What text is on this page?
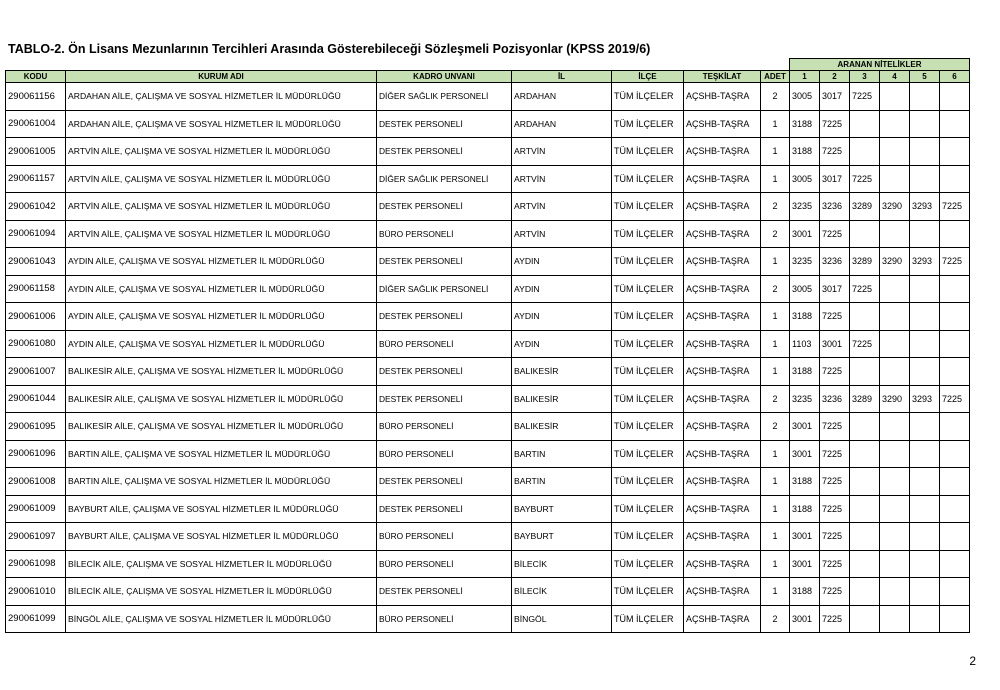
TABLO-2. Ön Lisans Mezunlarının Tercihleri Arasında Gösterebileceği Sözleşmeli Pozisyonlar (KPSS 2019/6)
							ARANAN NİTELİKLER					
KODU	KURUM ADI	KADRO UNVANI	İL	İLÇE	TEŞKİLAT	ADET	1	2	3	4	5	6
290061156	ARDAHAN AİLE, ÇALIŞMA VE SOSYAL HİZMETLER İL MÜDÜRLÜĞÜ	DİĞER SAĞLIK PERSONELİ	ARDAHAN	TÜM İLÇELER	AÇSHB-TAŞRA	2	3005	3017	7225			
290061004	ARDAHAN AİLE, ÇALIŞMA VE SOSYAL HİZMETLER İL MÜDÜRLÜĞÜ	DESTEK PERSONELİ	ARDAHAN	TÜM İLÇELER	AÇSHB-TAŞRA	1	3188	7225				
290061005	ARTVİN AİLE, ÇALIŞMA VE SOSYAL HİZMETLER İL MÜDÜRLÜĞÜ	DESTEK PERSONELİ	ARTVİN	TÜM İLÇELER	AÇSHB-TAŞRA	1	3188	7225				
290061157	ARTVİN AİLE, ÇALIŞMA VE SOSYAL HİZMETLER İL MÜDÜRLÜĞÜ	DİĞER SAĞLIK PERSONELİ	ARTVİN	TÜM İLÇELER	AÇSHB-TAŞRA	1	3005	3017	7225			
290061042	ARTVİN AİLE, ÇALIŞMA VE SOSYAL HİZMETLER İL MÜDÜRLÜĞÜ	DESTEK PERSONELİ	ARTVİN	TÜM İLÇELER	AÇSHB-TAŞRA	2	3235	3236	3289	3290	3293	7225
290061094	ARTVİN AİLE, ÇALIŞMA VE SOSYAL HİZMETLER İL MÜDÜRLÜĞÜ	BÜRO PERSONELİ	ARTVİN	TÜM İLÇELER	AÇSHB-TAŞRA	2	3001	7225				
290061043	AYDIN AİLE, ÇALIŞMA VE SOSYAL HİZMETLER İL MÜDÜRLÜĞÜ	DESTEK PERSONELİ	AYDIN	TÜM İLÇELER	AÇSHB-TAŞRA	1	3235	3236	3289	3290	3293	7225
290061158	AYDIN AİLE, ÇALIŞMA VE SOSYAL HİZMETLER İL MÜDÜRLÜĞÜ	DİĞER SAĞLIK PERSONELİ	AYDIN	TÜM İLÇELER	AÇSHB-TAŞRA	2	3005	3017	7225			
290061006	AYDIN AİLE, ÇALIŞMA VE SOSYAL HİZMETLER İL MÜDÜRLÜĞÜ	DESTEK PERSONELİ	AYDIN	TÜM İLÇELER	AÇSHB-TAŞRA	1	3188	7225				
290061080	AYDIN AİLE, ÇALIŞMA VE SOSYAL HİZMETLER İL MÜDÜRLÜĞÜ	BÜRO PERSONELİ	AYDIN	TÜM İLÇELER	AÇSHB-TAŞRA	1	1103	3001	7225			
290061007	BALIKESİR AİLE, ÇALIŞMA VE SOSYAL HİZMETLER İL MÜDÜRLÜĞÜ	DESTEK PERSONELİ	BALIKESİR	TÜM İLÇELER	AÇSHB-TAŞRA	1	3188	7225				
290061044	BALIKESİR AİLE, ÇALIŞMA VE SOSYAL HİZMETLER İL MÜDÜRLÜĞÜ	DESTEK PERSONELİ	BALIKESİR	TÜM İLÇELER	AÇSHB-TAŞRA	2	3235	3236	3289	3290	3293	7225
290061095	BALIKESİR AİLE, ÇALIŞMA VE SOSYAL HİZMETLER İL MÜDÜRLÜĞÜ	BÜRO PERSONELİ	BALIKESİR	TÜM İLÇELER	AÇSHB-TAŞRA	2	3001	7225				
290061096	BARTIN AİLE, ÇALIŞMA VE SOSYAL HİZMETLER İL MÜDÜRLÜĞÜ	BÜRO PERSONELİ	BARTIN	TÜM İLÇELER	AÇSHB-TAŞRA	1	3001	7225				
290061008	BARTIN AİLE, ÇALIŞMA VE SOSYAL HİZMETLER İL MÜDÜRLÜĞÜ	DESTEK PERSONELİ	BARTIN	TÜM İLÇELER	AÇSHB-TAŞRA	1	3188	7225				
290061009	BAYBURT AİLE, ÇALIŞMA VE SOSYAL HİZMETLER İL MÜDÜRLÜĞÜ	DESTEK PERSONELİ	BAYBURT	TÜM İLÇELER	AÇSHB-TAŞRA	1	3188	7225				
290061097	BAYBURT AİLE, ÇALIŞMA VE SOSYAL HİZMETLER İL MÜDÜRLÜĞÜ	BÜRO PERSONELİ	BAYBURT	TÜM İLÇELER	AÇSHB-TAŞRA	1	3001	7225				
290061098	BİLECİK AİLE, ÇALIŞMA VE SOSYAL HİZMETLER İL MÜDÜRLÜĞÜ	BÜRO PERSONELİ	BİLECİK	TÜM İLÇELER	AÇSHB-TAŞRA	1	3001	7225				
290061010	BİLECİK AİLE, ÇALIŞMA VE SOSYAL HİZMETLER İL MÜDÜRLÜĞÜ	DESTEK PERSONELİ	BİLECİK	TÜM İLÇELER	AÇSHB-TAŞRA	1	3188	7225				
290061099	BİNGÖL AİLE, ÇALIŞMA VE SOSYAL HİZMETLER İL MÜDÜRLÜĞÜ	BÜRO PERSONELİ	BİNGÖL	TÜM İLÇELER	AÇSHB-TAŞRA	2	3001	7225				
2
